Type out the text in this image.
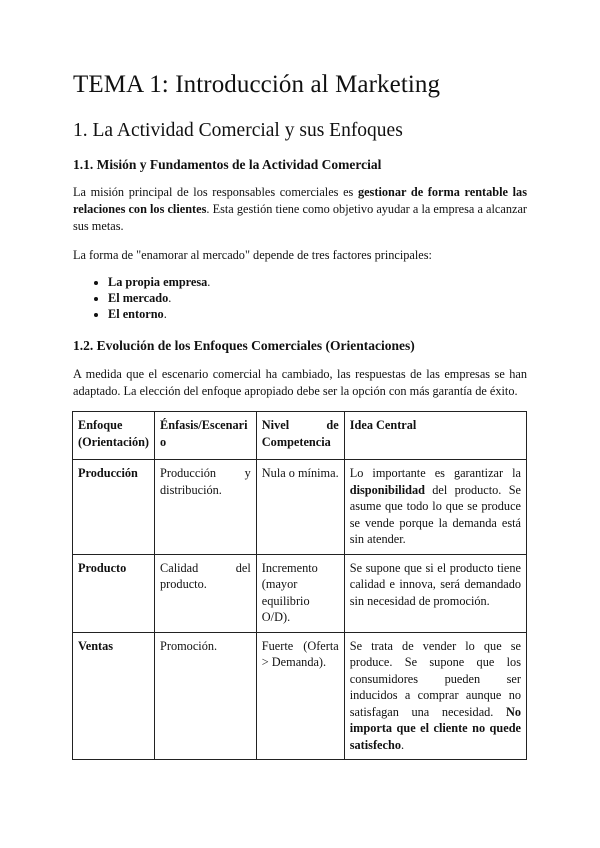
TEMA 1: Introducción al Marketing
1. La Actividad Comercial y sus Enfoques
1.1. Misión y Fundamentos de la Actividad Comercial

La misión principal de los responsables comerciales es gestionar de forma rentable las relaciones con los clientes. Esta gestión tiene como objetivo ayudar a la empresa a alcanzar sus metas.

La forma de "enamorar al mercado" depende de tres factores principales:

• La propia empresa.
• El mercado.
• El entorno.
1.2. Evolución de los Enfoques Comerciales (Orientaciones)

A medida que el escenario comercial ha cambiado, las respuestas de las empresas se han adaptado. La elección del enfoque apropiado debe ser la opción con más garantía de éxito.

Enfoque (Orientación)	Énfasis/Escenario	Nivel de Competencia	Idea Central
Producción	Producción y distribución.	Nula o mínima.	Lo importante es garantizar la disponibilidad del producto. Se asume que todo lo que se produce se vende porque la demanda está sin atender.
Producto	Calidad del producto.	Incremento (mayor equilibrio O/D).	Se supone que si el producto tiene calidad e innova, será demandado sin necesidad de promoción.
Ventas	Promoción.	Fuerte (Oferta > Demanda).	Se trata de vender lo que se produce. Se supone que los consumidores pueden ser inducidos a comprar aunque no satisfagan una necesidad. No importa que el cliente no quede satisfecho.
